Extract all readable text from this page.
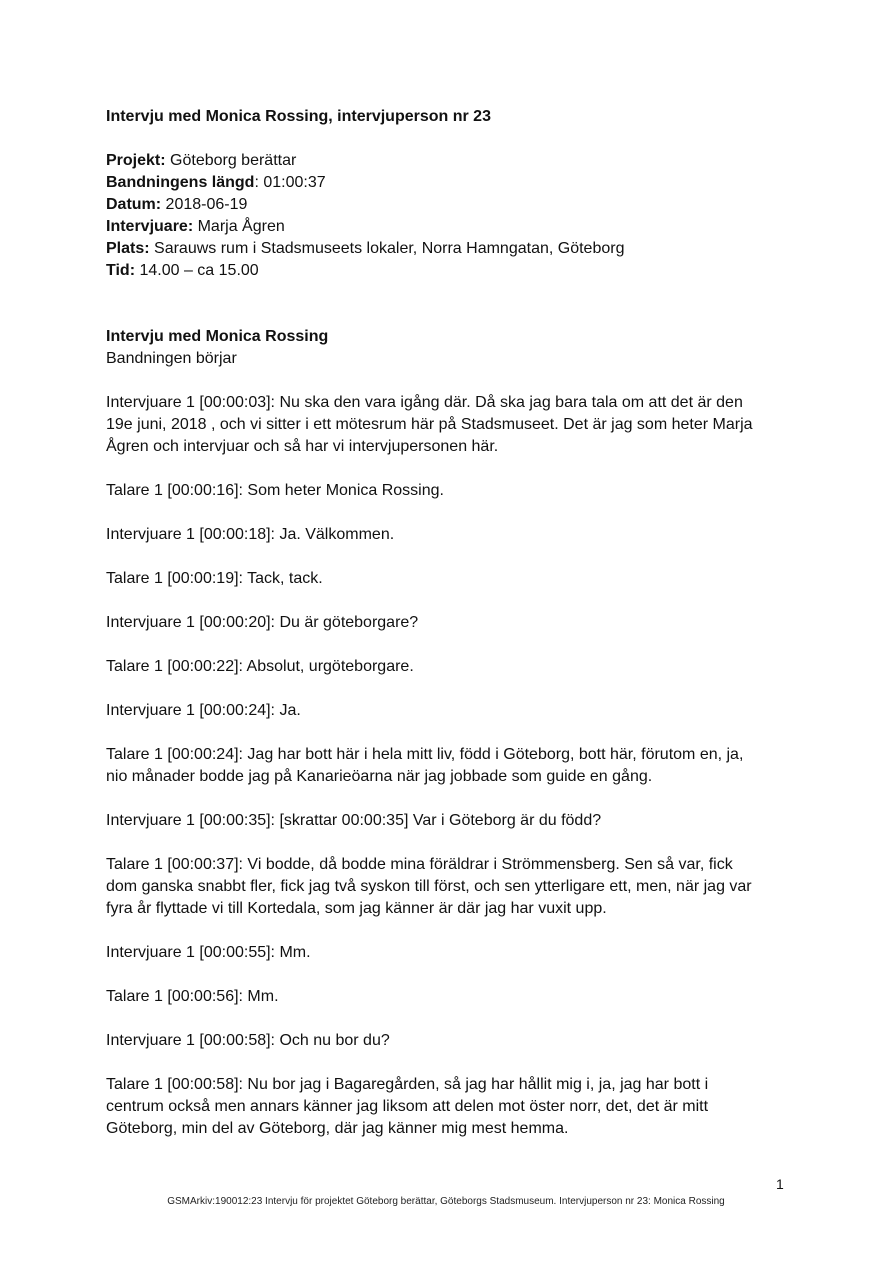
Intervju med Monica Rossing, intervjuperson nr 23
Projekt: Göteborg berättar
Bandningens längd: 01:00:37
Datum: 2018-06-19
Intervjuare: Marja Ågren
Plats: Sarauws rum i Stadsmuseets lokaler, Norra Hamngatan, Göteborg
Tid: 14.00 – ca 15.00
Intervju med Monica Rossing
Bandningen börjar
Intervjuare 1 [00:00:03]: Nu ska den vara igång där. Då ska jag bara tala om att det är den
19e juni, 2018 , och vi sitter i ett mötesrum här på Stadsmuseet. Det är jag som heter Marja
Ågren och intervjuar och så har vi intervjupersonen här.
Talare 1 [00:00:16]: Som heter Monica Rossing.
Intervjuare 1 [00:00:18]: Ja. Välkommen.
Talare 1 [00:00:19]: Tack, tack.
Intervjuare 1 [00:00:20]: Du är göteborgare?
Talare 1 [00:00:22]: Absolut, urgöteborgare.
Intervjuare 1 [00:00:24]: Ja.
Talare 1 [00:00:24]: Jag har bott här i hela mitt liv, född i Göteborg, bott här, förutom en, ja,
nio månader bodde jag på Kanarieöarna när jag jobbade som guide en gång.
Intervjuare 1 [00:00:35]: [skrattar 00:00:35] Var i Göteborg är du född?
Talare 1 [00:00:37]: Vi bodde, då bodde mina föräldrar i Strömmensberg. Sen så var, fick
dom ganska snabbt fler, fick jag två syskon till först, och sen ytterligare ett, men, när jag var
fyra år flyttade vi till Kortedala, som jag känner är där jag har vuxit upp.
Intervjuare 1 [00:00:55]: Mm.
Talare 1 [00:00:56]: Mm.
Intervjuare 1 [00:00:58]: Och nu bor du?
Talare 1 [00:00:58]: Nu bor jag i Bagaregården, så jag har hållit mig i, ja, jag har bott i
centrum också men annars känner jag liksom att delen mot öster norr, det, det är mitt
Göteborg, min del av Göteborg, där jag känner mig mest hemma.
1
GSMArkiv:190012:23 Intervju för projektet Göteborg berättar, Göteborgs Stadsmuseum. Intervjuperson nr 23: Monica Rossing
